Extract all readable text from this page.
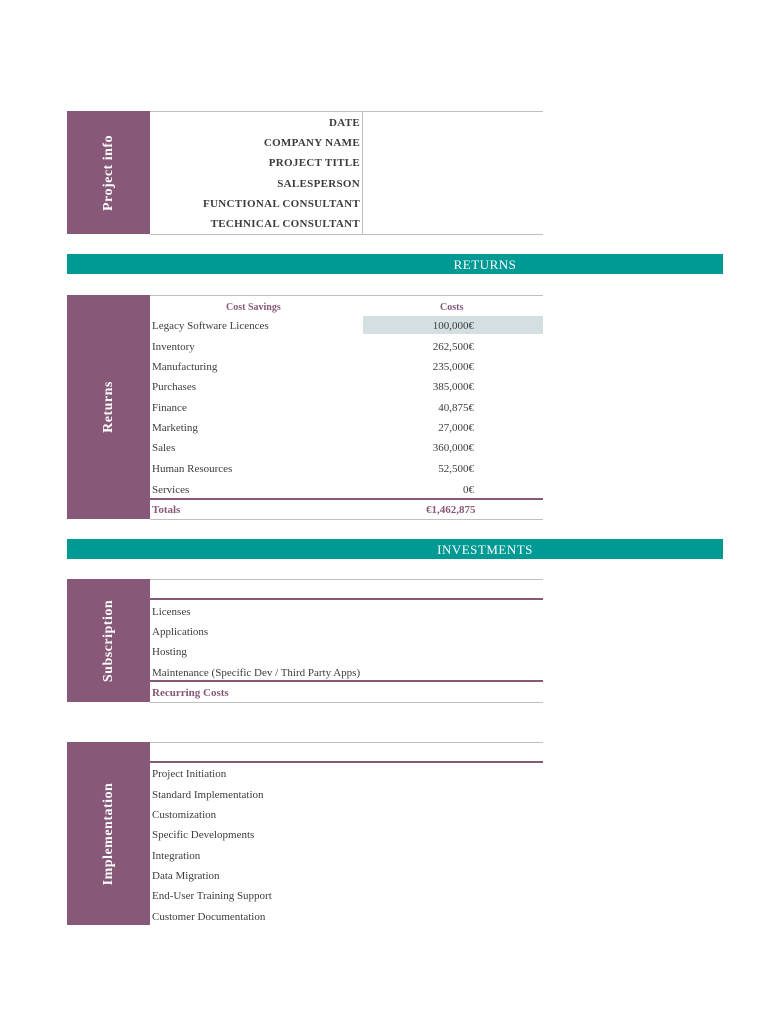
Project info
DATE
COMPANY NAME
PROJECT TITLE
SALESPERSON
FUNCTIONAL CONSULTANT
TECHNICAL CONSULTANT
RETURNS
Returns
Cost Savings	Costs
Legacy Software Licences	100,000€
Inventory	262,500€
Manufacturing	235,000€
Purchases	385,000€
Finance	40,875€
Marketing	27,000€
Sales	360,000€
Human Resources	52,500€
Services	0€
Totals	€1,462,875
INVESTMENTS
Subscription	Licenses
Applications
Hosting
Maintenance (Specific Dev / Third Party Apps)
Recurring Costs
Implementation
Project Initiation
Standard Implementation
Customization
Specific Developments
Integration
Data Migration
End-User Training Support
Customer Documentation
